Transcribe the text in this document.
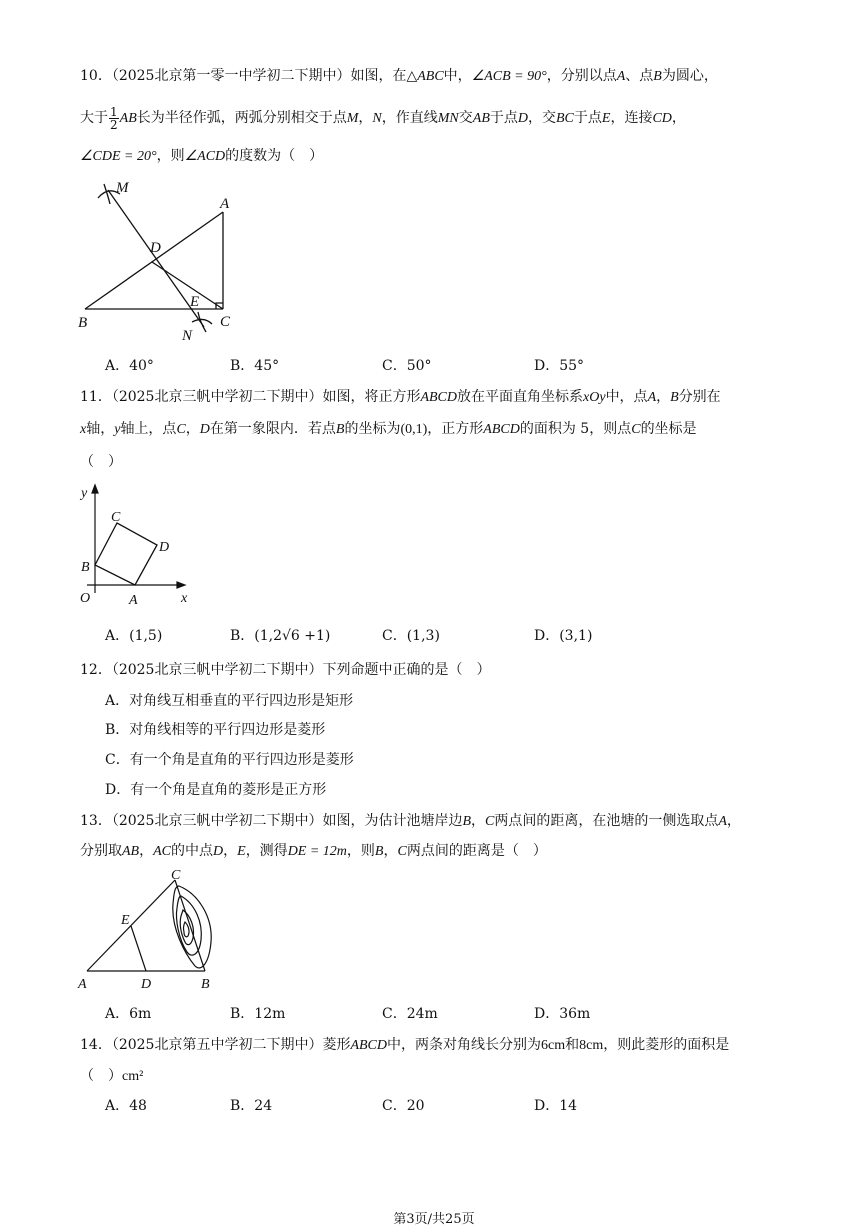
10．（2025北京第一零一中学初二下期中）如图，在△ABC中，∠ACB = 90°，分别以点A、点B为圆心，
大于 $\frac{1}{2}$ AB长为半径作弧，两弧分别相交于点M，N，作直线MN交AB于点D，交BC于点E，连接CD，
∠CDE = 20°，则∠ACD的度数为（　）
M
A
D
E
B
N
C
A．40°	B．45°	C．50°	D．55°
11．（2025北京三帆中学初二下期中）如图，将正方形ABCD放在平面直角坐标系xOy中，点A，B分别在
x轴，y轴上，点C，D在第一象限内．若点B的坐标为(0,1)，正方形ABCD的面积为 5，则点C的坐标是
（　）
y
C
D
B
O	A	x
A．(1,5)	B．(1,2√6 +1)	C．(1,3)	D．(3,1)
12．（2025北京三帆中学初二下期中）下列命题中正确的是（　）
A．对角线互相垂直的平行四边形是矩形
B．对角线相等的平行四边形是菱形
C．有一个角是直角的平行四边形是菱形
D．有一个角是直角的菱形是正方形
13．（2025北京三帆中学初二下期中）如图，为估计池塘岸边B，C两点间的距离，在池塘的一侧选取点A，
分别取AB，AC的中点D，E，测得DE = 12m，则B，C两点间的距离是（　）
C
E
A	D	B
A．6m	B．12m	C．24m	D．36m
14．（2025北京第五中学初二下期中）菱形ABCD中，两条对角线长分别为6cm和8cm，则此菱形的面积是
（　）cm²
A．48	B．24	C．20	D．14
第3页/共25页
